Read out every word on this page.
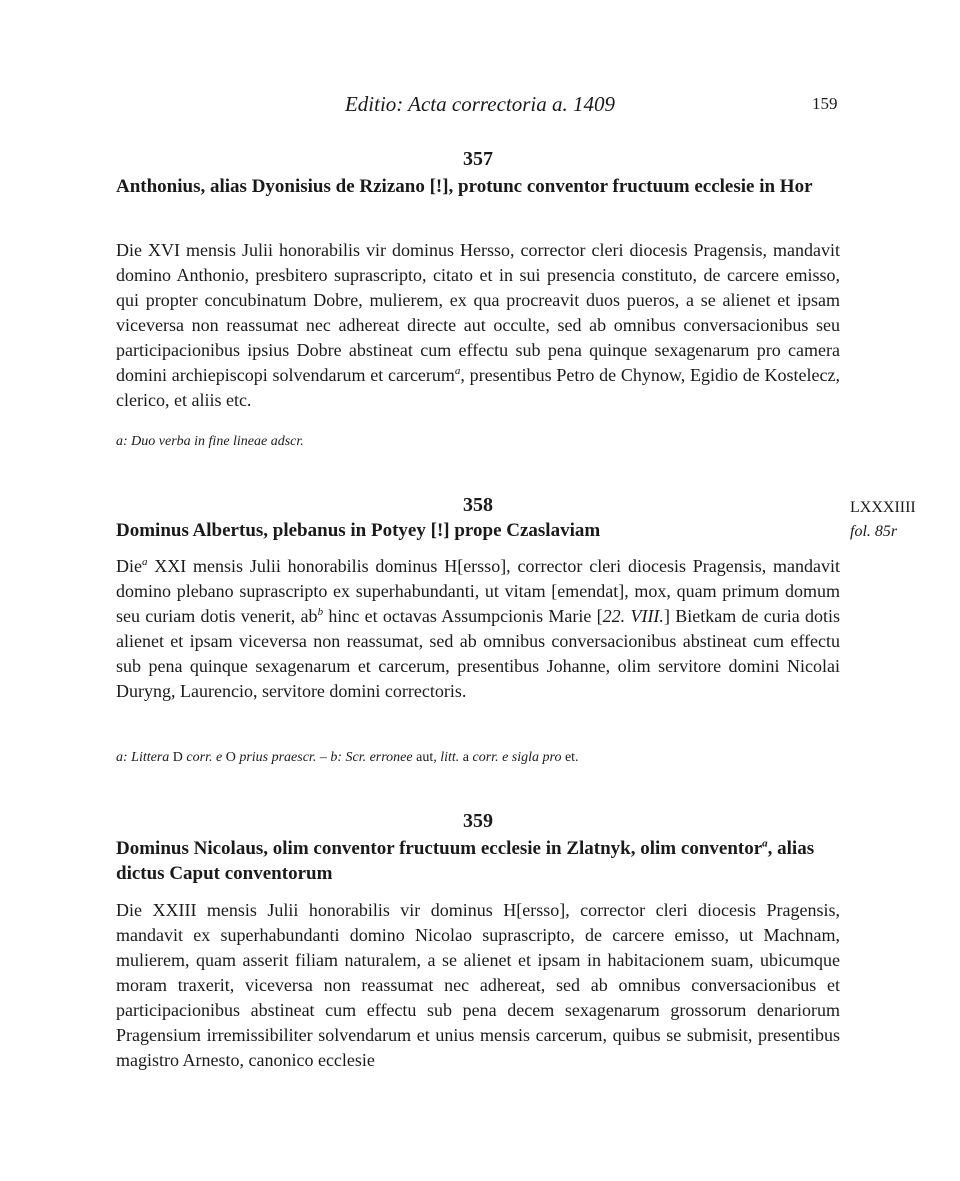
Editio: Acta correctoria a. 1409	159
357
Anthonius, alias Dyonisius de Rzizano [!], protunc conventor fructuum ecclesie in Hor

Die XVI mensis Julii honorabilis vir dominus Hersso, corrector cleri diocesis Pragensis, mandavit domino Anthonio, presbitero suprascripto, citato et in sui presencia constituto, de carcere emisso, qui propter concubinatum Dobre, mulierem, ex qua procreavit duos pueros, a se alienet et ipsam viceversa non reassumat nec adhereat directe aut occulte, sed ab omnibus conversacionibus seu participacionibus ipsius Dobre abstineat cum effectu sub pena quinque sexagenarum pro camera domini archiepiscopi solvendarum et carcerum$^a$, presentibus Petro de Chynow, Egidio de Kostelecz, clerico, et aliis etc.

a: Duo verba in fine lineae adscr.
358	LXXXIIII
fol. 85r
Dominus Albertus, plebanus in Potyey [!] prope Czaslaviam

Die$^a$ XXI mensis Julii honorabilis dominus H[ersso], corrector cleri diocesis Pragensis, mandavit domino plebano suprascripto ex superhabundanti, ut vitam [emendat], mox, quam primum domum seu curiam dotis venerit, $ab^b$ hinc et octavas Assumpcionis Marie [22. VIII.] Bietkam de curia dotis alienet et ipsam viceversa non reassumat, sed ab omnibus conversacionibus abstineat cum effectu sub pena quinque sexagenarum et carcerum, presentibus Johanne, olim servitore domini Nicolai Duryng, Laurencio, servitore domini correctoris.

a: Littera D corr. e O prius praescr. – b: Scr. erronee aut, litt. a corr. e sigla pro et.
359
Dominus Nicolaus, olim conventor fructuum ecclesie in Zlatnyk, olim conventor$^a$, alias dictus Caput conventorum

Die XXIII mensis Julii honorabilis vir dominus H[ersso], corrector cleri diocesis Pragensis, mandavit ex superhabundanti domino Nicolao suprascripto, de carcere emisso, ut Machnam, mulierem, quam asserit filiam naturalem, a se alienet et ipsam in habitacionem suam, ubicumque moram traxerit, viceversa non reassumat nec adhereat, sed ab omnibus conversacionibus et participacionibus abstineat cum effectu sub pena decem sexagenarum grossorum denariorum Pragensium irremissibiliter solvendarum et unius mensis carcerum, quibus se submisit, presentibus magistro Arnesto, canonico ecclesie
